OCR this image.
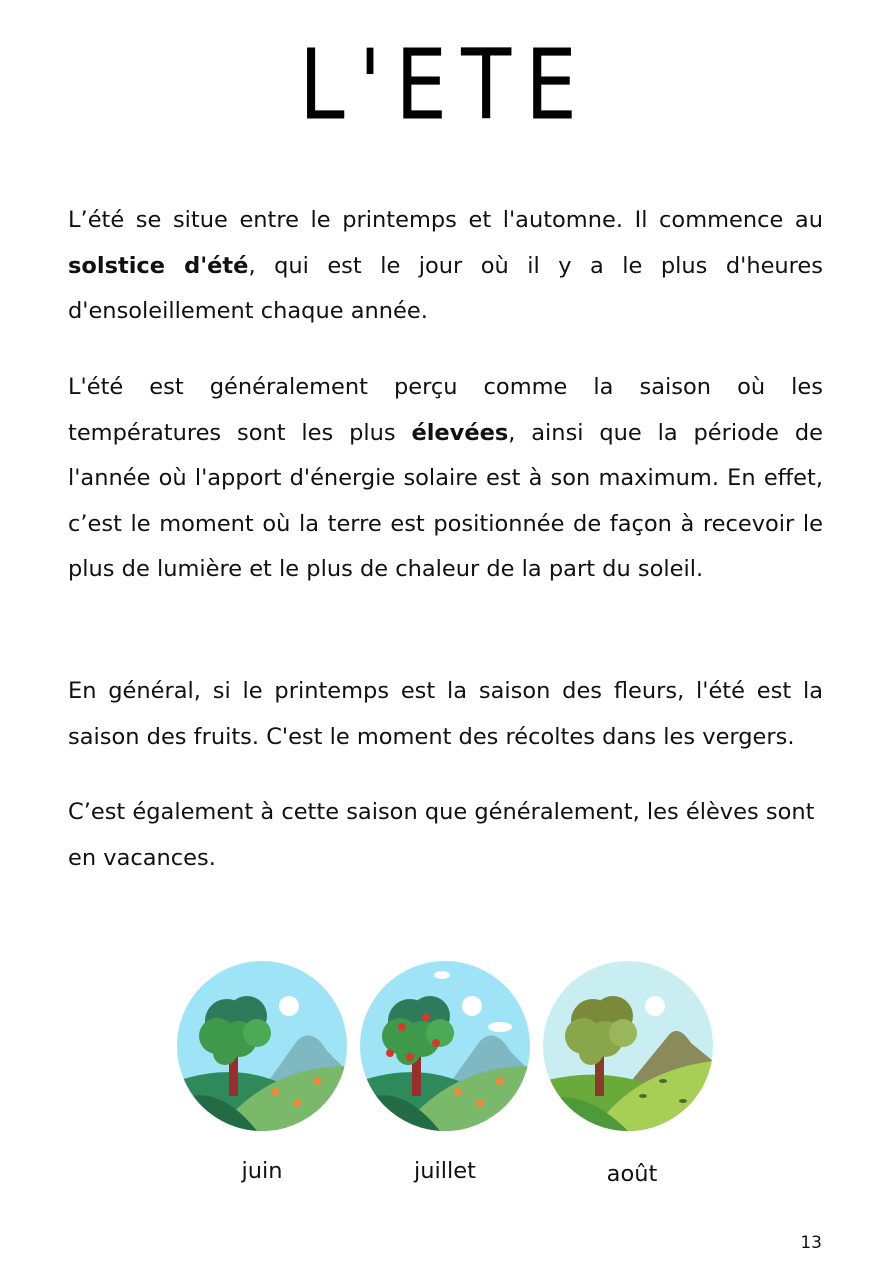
L'ETE

L’été se situe entre le printemps et l'automne. Il commence au solstice d'été, qui est le jour où il y a le plus d'heures d'ensoleillement chaque année.

L'été est généralement perçu comme la saison où les températures sont les plus élevées, ainsi que la période de l'année où l'apport d'énergie solaire est à son maximum. En effet, c’est le moment où la terre est positionnée de façon à recevoir le plus de lumière et le plus de chaleur de la part du soleil.

En général, si le printemps est la saison des fleurs, l'été est la saison des fruits. C'est le moment des récoltes dans les vergers.

C’est également à cette saison que généralement, les élèves sont en vacances.

juin	juillet	août
13
